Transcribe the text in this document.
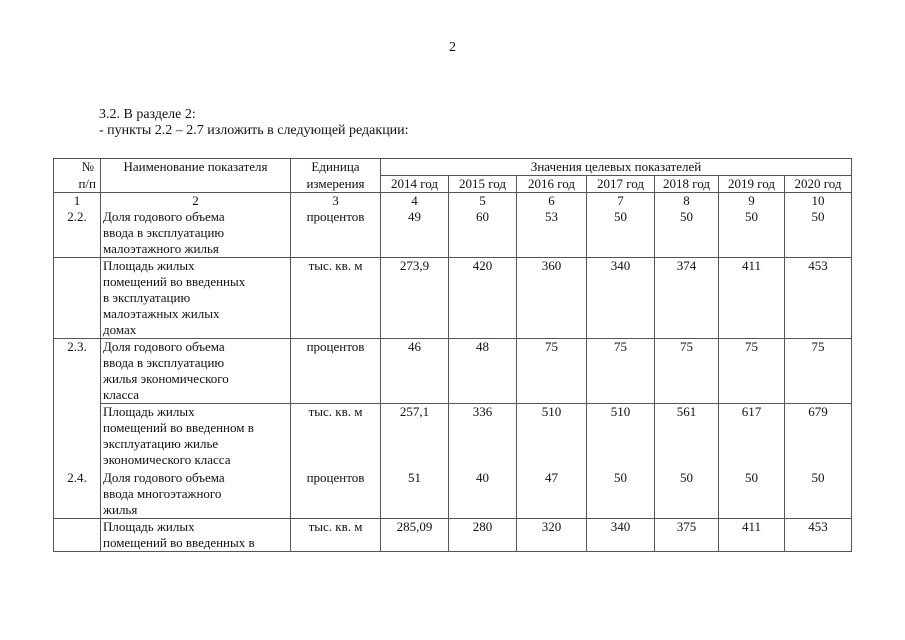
2
3.2. В разделе 2:
- пункты 2.2 – 2.7 изложить в следующей редакции:
№	Наименование показателя	Единица	Значения целевых показателей						
п/п		измерения	2014 год	2015 год	2016 год	2017 год	2018 год	2019 год	2020 год
1	2	3	4	5	6	7	8	9	10
2.2.	Доля годового объема
ввода в эксплуатацию
малоэтажного жилья	процентов	49	60	53	50	50	50	50

	Площадь жилых
помещений во введенных
в эксплуатацию
малоэтажных жилых
домах	тыс. кв. м	273,9	420	360	340	374	411	453
2.3.	Доля годового объема
ввода в эксплуатацию
жилья экономического
класса	процентов	46	48	75	75	75	75	75

	Площадь жилых
помещений во введенном в
эксплуатацию жилье
экономического класса	тыс. кв. м	257,1	336	510	510	561	617	679
2.4.	Доля годового объема
ввода многоэтажного
жилья	процентов	51	40	47	50	50	50	50

	Площадь жилых
помещений во введенных в	тыс. кв. м	285,09	280	320	340	375	411	453
